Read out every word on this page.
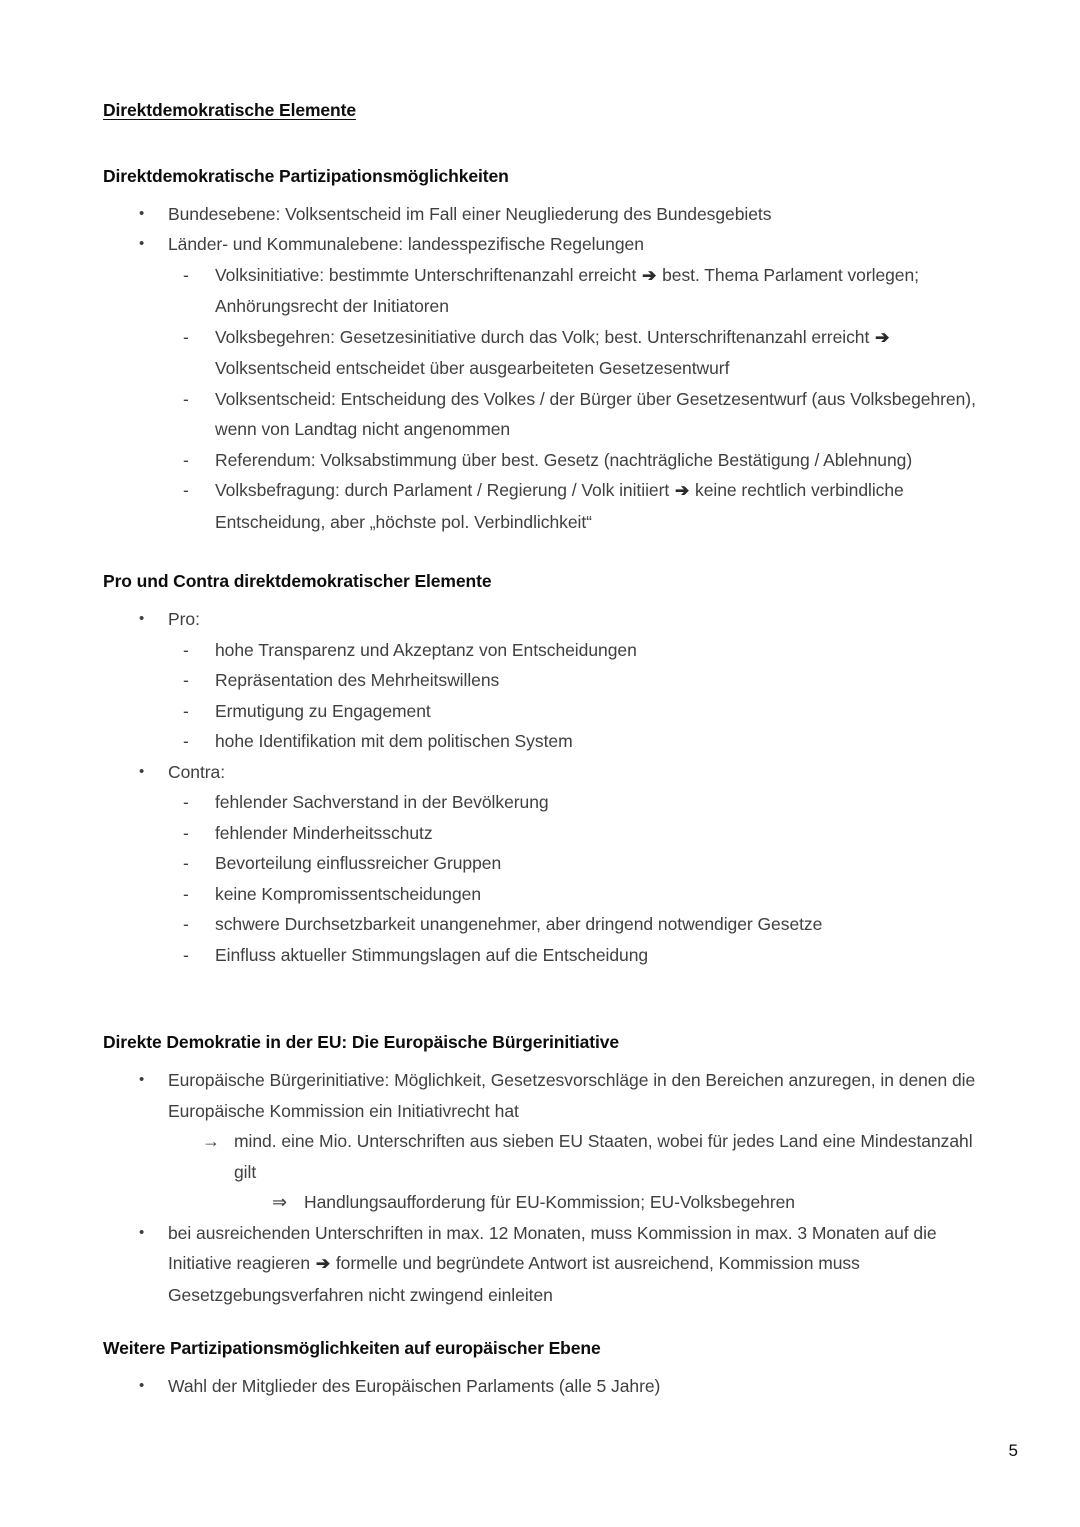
Direktdemokratische Elemente
Direktdemokratische Partizipationsmöglichkeiten
• Bundesebene: Volksentscheid im Fall einer Neugliederung des Bundesgebiets
• Länder- und Kommunalebene: landesspezifische Regelungen
- Volksinitiative: bestimmte Unterschriftenanzahl erreicht ➔ best. Thema Parlament vorlegen; Anhörungsrecht der Initiatoren
- Volksbegehren: Gesetzesinitiative durch das Volk; best. Unterschriftenanzahl erreicht ➔ Volksentscheid entscheidet über ausgearbeiteten Gesetzesentwurf
- Volksentscheid: Entscheidung des Volkes / der Bürger über Gesetzesentwurf (aus Volksbegehren), wenn von Landtag nicht angenommen
- Referendum: Volksabstimmung über best. Gesetz (nachträgliche Bestätigung / Ablehnung)
- Volksbefragung: durch Parlament / Regierung / Volk initiiert ➔ keine rechtlich verbindliche Entscheidung, aber „höchste pol. Verbindlichkeit“
Pro und Contra direktdemokratischer Elemente
• Pro:
- hohe Transparenz und Akzeptanz von Entscheidungen
- Repräsentation des Mehrheitswillens
- Ermutigung zu Engagement
- hohe Identifikation mit dem politischen System
• Contra:
- fehlender Sachverstand in der Bevölkerung
- fehlender Minderheitsschutz
- Bevorteilung einflussreicher Gruppen
- keine Kompromissentscheidungen
- schwere Durchsetzbarkeit unangenehmer, aber dringend notwendiger Gesetze
- Einfluss aktueller Stimmungslagen auf die Entscheidung
Direkte Demokratie in der EU: Die Europäische Bürgerinitiative
• Europäische Bürgerinitiative: Möglichkeit, Gesetzesvorschläge in den Bereichen anzuregen, in denen die Europäische Kommission ein Initiativrecht hat
→ mind. eine Mio. Unterschriften aus sieben EU Staaten, wobei für jedes Land eine Mindestanzahl gilt
⇒ Handlungsaufforderung für EU-Kommission; EU-Volksbegehren
• bei ausreichenden Unterschriften in max. 12 Monaten, muss Kommission in max. 3 Monaten auf die Initiative reagieren ➔ formelle und begründete Antwort ist ausreichend, Kommission muss Gesetzgebungsverfahren nicht zwingend einleiten
Weitere Partizipationsmöglichkeiten auf europäischer Ebene
• Wahl der Mitglieder des Europäischen Parlaments (alle 5 Jahre)
5
